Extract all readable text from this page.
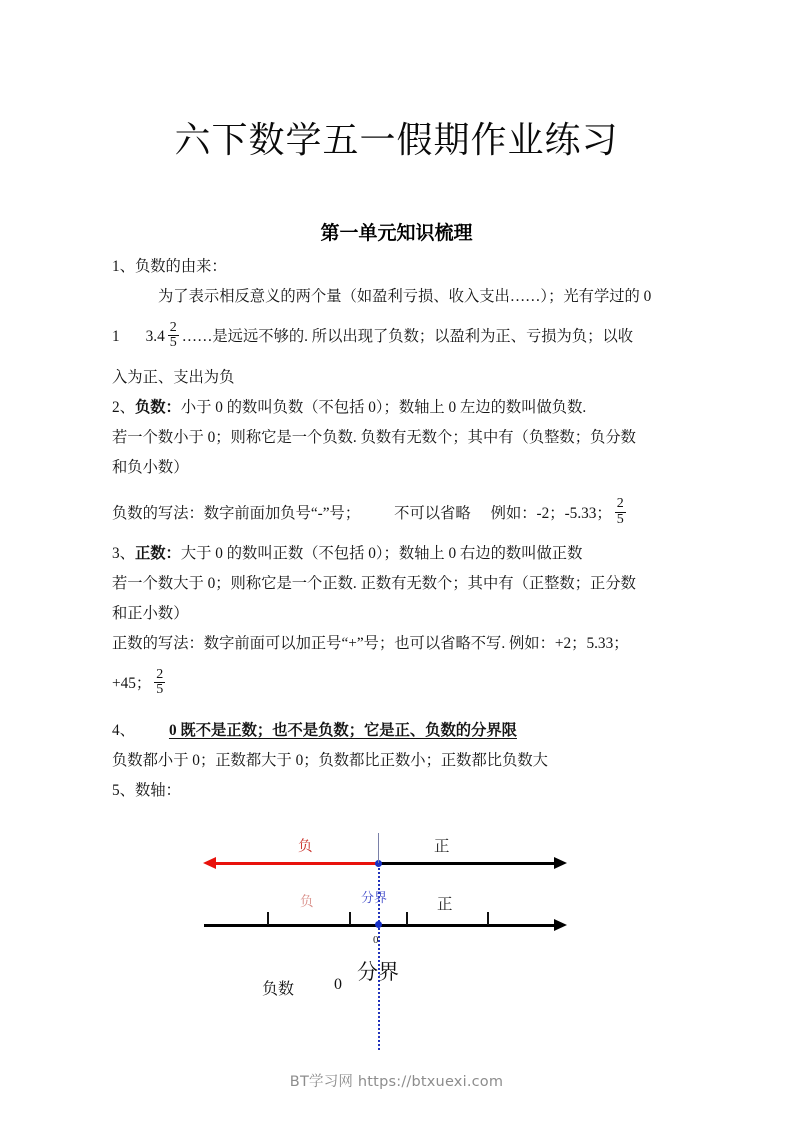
六下数学五一假期作业练习
第一单元知识梳理
1、负数的由来：
为了表示相反意义的两个量（如盈利亏损、收入支出……）；光有学过的 0
1 $3.4 \frac{2}{5}$ ……是远远不够的. 所以出现了负数；以盈利为正、亏损为负；以收
入为正、支出为负
2、负数：小于 0 的数叫负数（不包括 0）；数轴上 0 左边的数叫做负数.
若一个数小于 0；则称它是一个负数. 负数有无数个；其中有（负整数；负分数
和负小数）
负数的写法：数字前面加负号“-”号； 不可以省略 例如：-2；-5.33； $\frac{2}{5}$
3、正数：大于 0 的数叫正数（不包括 0）；数轴上 0 右边的数叫做正数
若一个数大于 0；则称它是一个正数. 正数有无数个；其中有（正整数；正分数
和正小数）
正数的写法：数字前面可以加正号“+”号；也可以省略不写. 例如：+2；5.33；
+45； $\frac{2}{5}$
4、 0 既不是正数；也不是负数；它是正、负数的分界限
负数都小于 0；正数都大于 0；负数都比正数小；正数都比负数大
5、数轴：
负	正
分界
负	正
0
负数 0
分界
BT学习网 https://btxuexi.com
